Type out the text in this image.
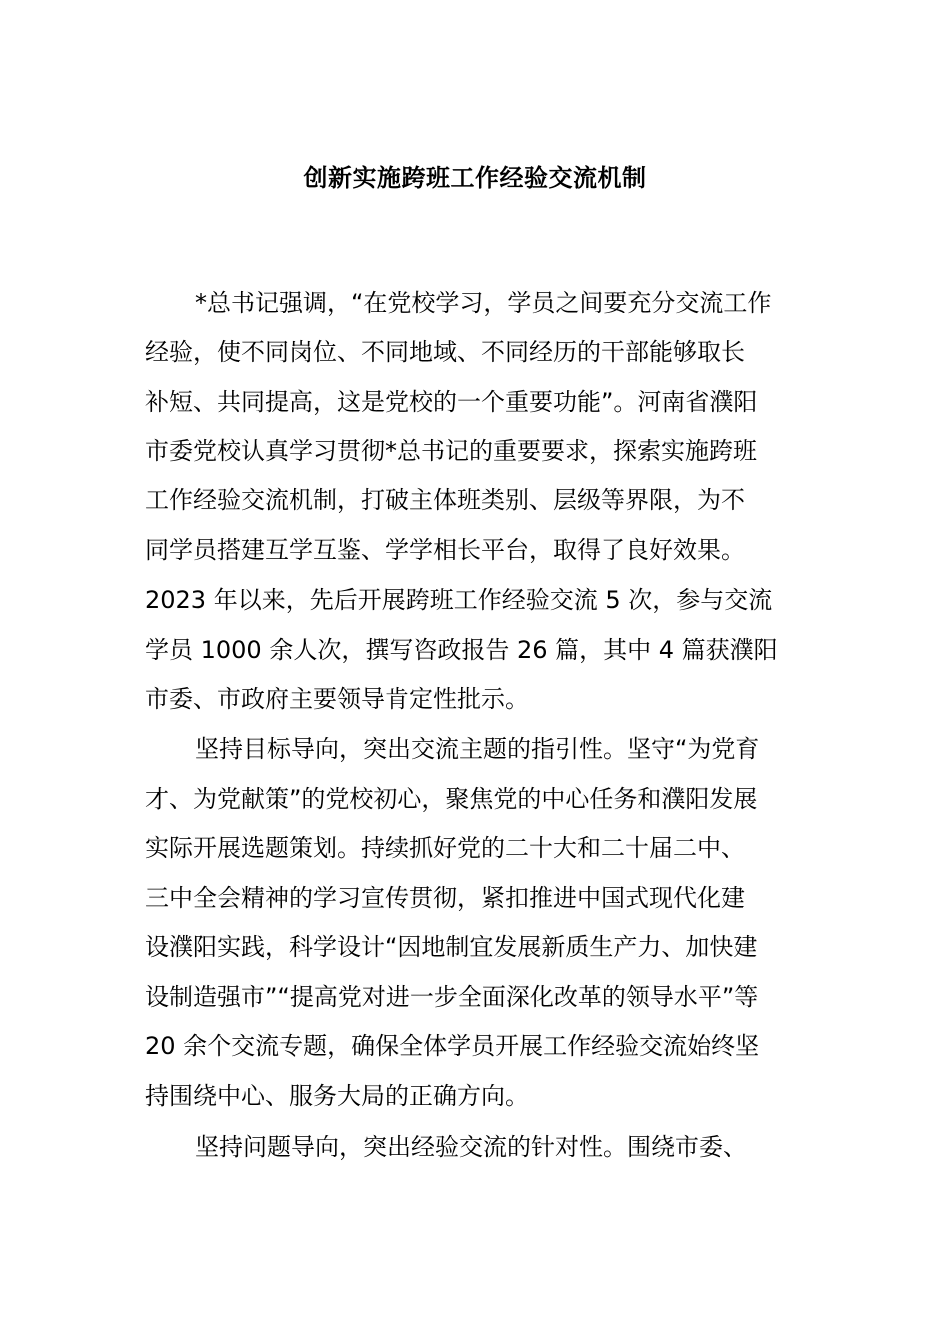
创新实施跨班工作经验交流机制
*总书记强调，“在党校学习，学员之间要充分交流工作
经验，使不同岗位、不同地域、不同经历的干部能够取长
补短、共同提高，这是党校的一个重要功能”。河南省濮阳
市委党校认真学习贯彻*总书记的重要要求，探索实施跨班
工作经验交流机制，打破主体班类别、层级等界限，为不
同学员搭建互学互鉴、学学相长平台，取得了良好效果。
2023 年以来，先后开展跨班工作经验交流 5 次，参与交流
学员 1000 余人次，撰写咨政报告 26 篇，其中 4 篇获濮阳
市委、市政府主要领导肯定性批示。
坚持目标导向，突出交流主题的指引性。坚守“为党育
才、为党献策”的党校初心，聚焦党的中心任务和濮阳发展
实际开展选题策划。持续抓好党的二十大和二十届二中、
三中全会精神的学习宣传贯彻，紧扣推进中国式现代化建
设濮阳实践，科学设计“因地制宜发展新质生产力、加快建
设制造强市”“提高党对进一步全面深化改革的领导水平”等
20 余个交流专题，确保全体学员开展工作经验交流始终坚
持围绕中心、服务大局的正确方向。
坚持问题导向，突出经验交流的针对性。围绕市委、
